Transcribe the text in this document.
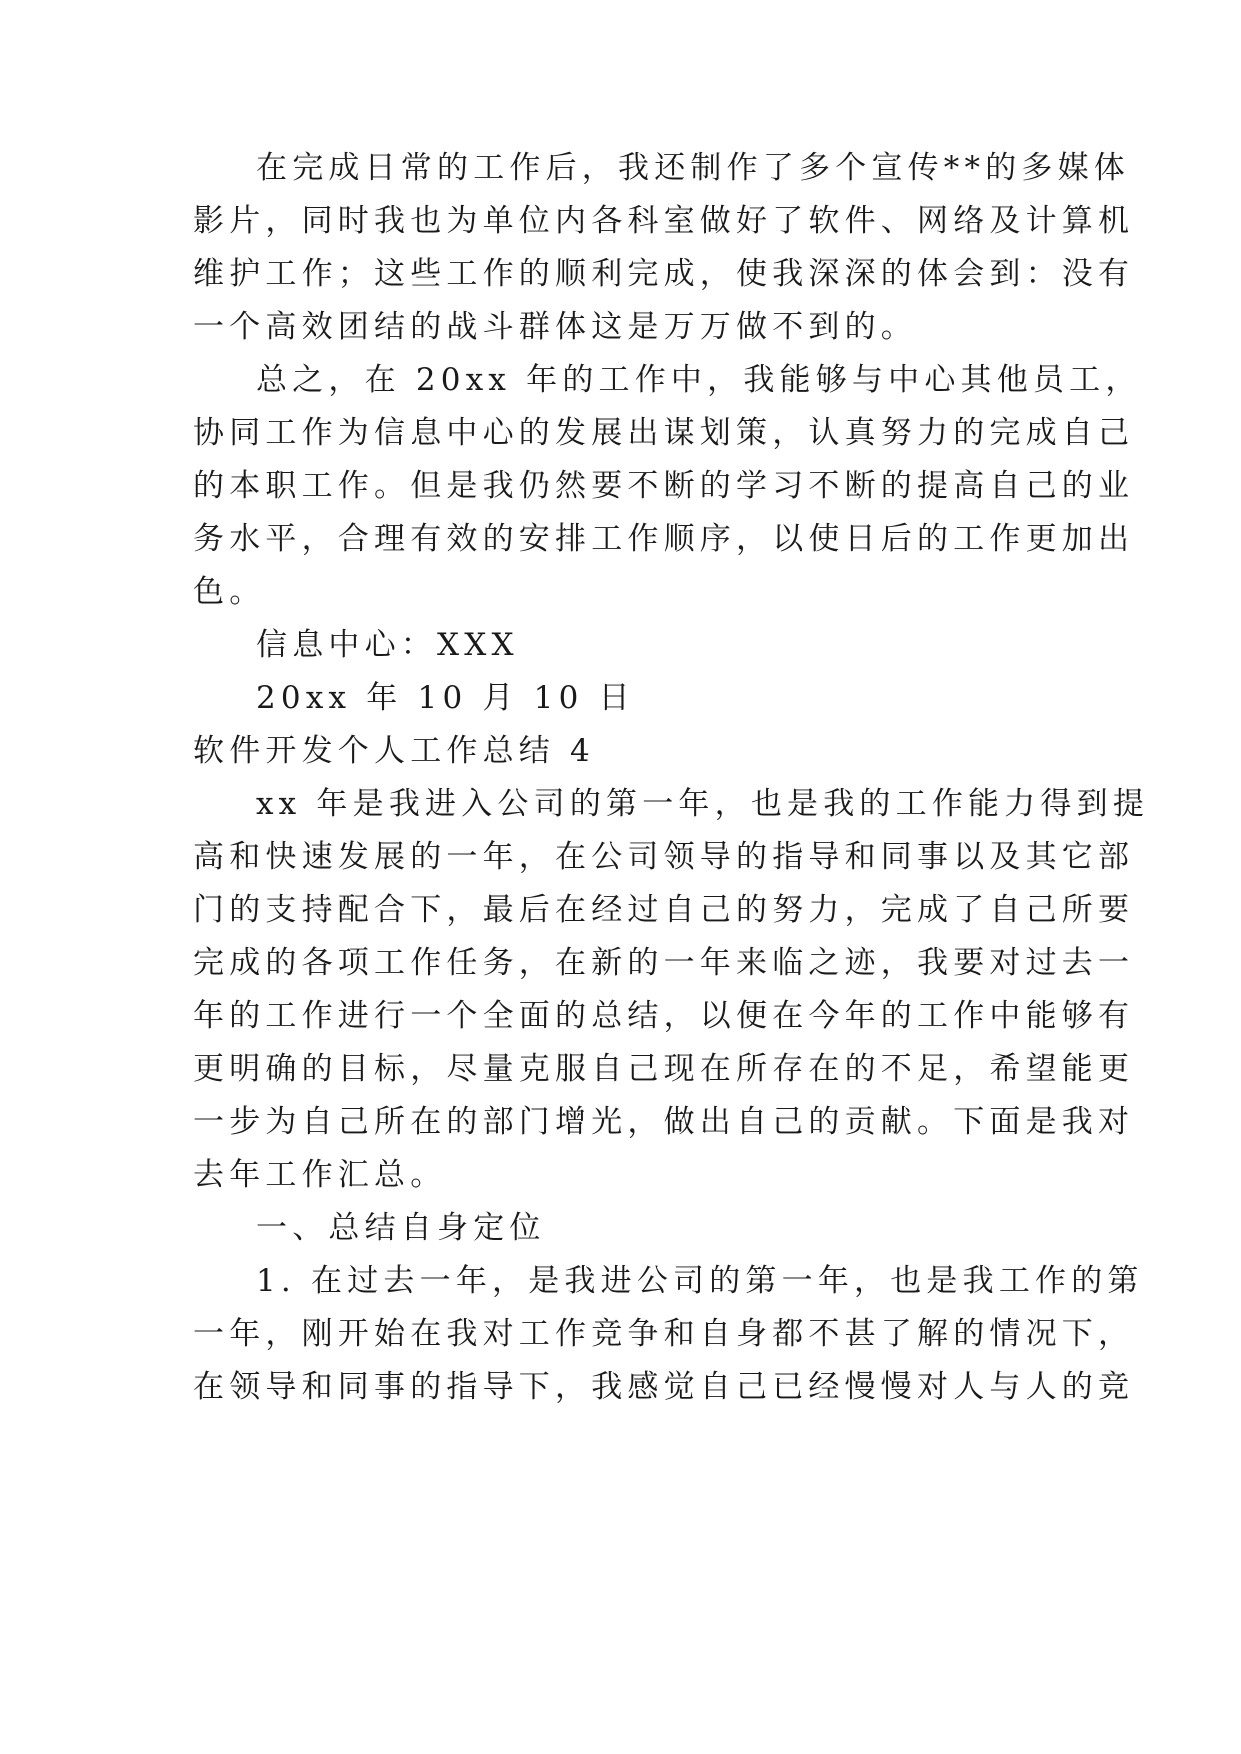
在完成日常的工作后，我还制作了多个宣传**的多媒体
影片，同时我也为单位内各科室做好了软件、网络及计算机
维护工作；这些工作的顺利完成，使我深深的体会到：没有
一个高效团结的战斗群体这是万万做不到的。
总之，在 20xx 年的工作中，我能够与中心其他员工，
协同工作为信息中心的发展出谋划策，认真努力的完成自己
的本职工作。但是我仍然要不断的学习不断的提高自己的业
务水平，合理有效的安排工作顺序，以使日后的工作更加出
色。
信息中心：XXX
20xx 年 10 月 10 日
软件开发个人工作总结 4
xx 年是我进入公司的第一年，也是我的工作能力得到提
高和快速发展的一年，在公司领导的指导和同事以及其它部
门的支持配合下，最后在经过自己的努力，完成了自己所要
完成的各项工作任务，在新的一年来临之迹，我要对过去一
年的工作进行一个全面的总结，以便在今年的工作中能够有
更明确的目标，尽量克服自己现在所存在的不足，希望能更
一步为自己所在的部门增光，做出自己的贡献。下面是我对
去年工作汇总。
一、总结自身定位
1. 在过去一年，是我进公司的第一年，也是我工作的第
一年，刚开始在我对工作竞争和自身都不甚了解的情况下，
在领导和同事的指导下，我感觉自己已经慢慢对人与人的竞
